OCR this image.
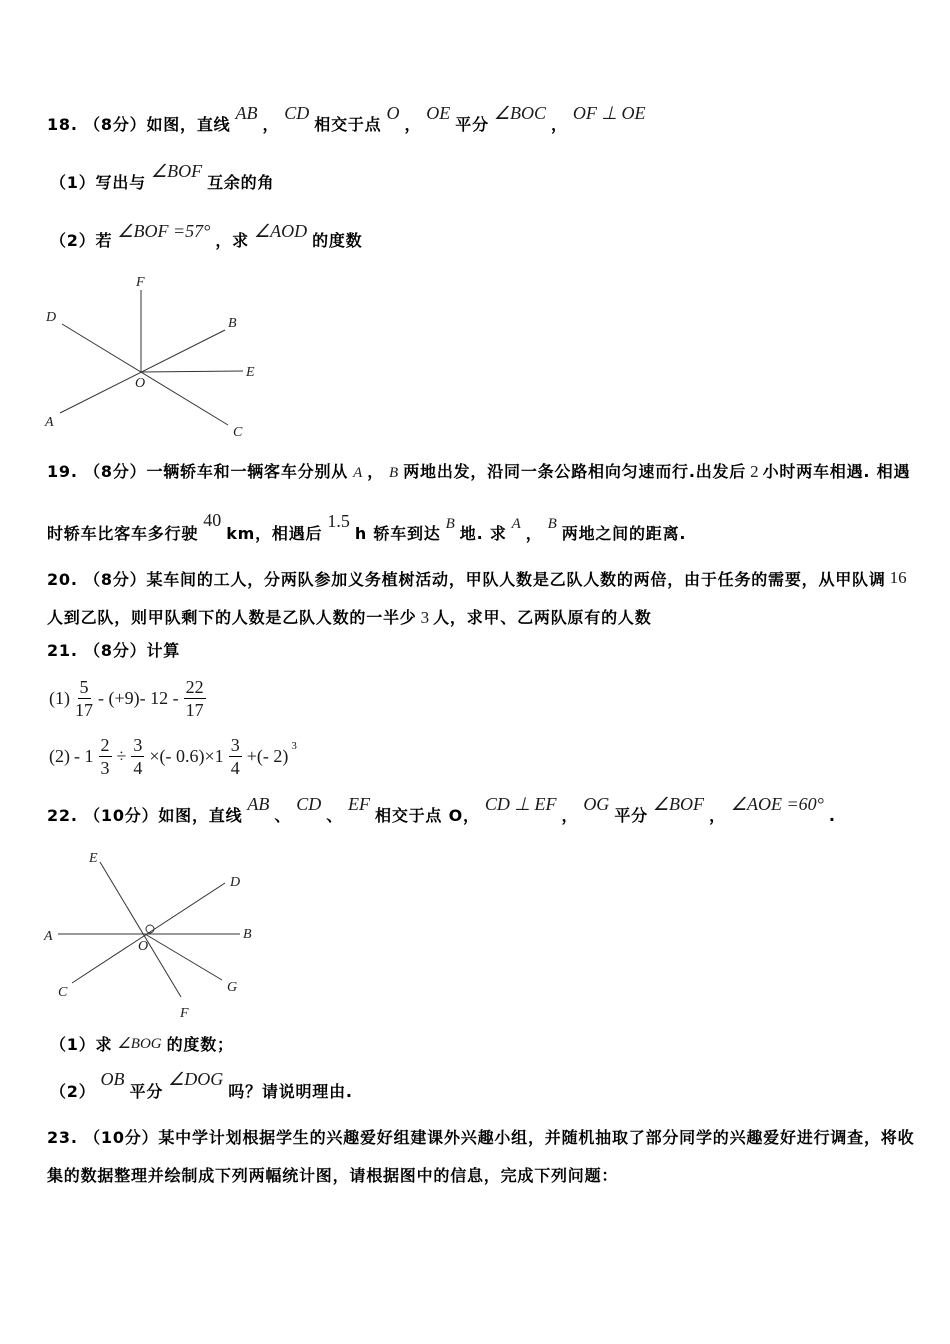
18. （8分）如图，直线AB，CD相交于点O，OE平分∠BOC，OF ⊥ OE
（1）写出与∠BOF互余的角
（2）若 ∠BOF =57° ，求 ∠AOD 的度数
F
D	B
E
O
A
C
19. （8分）一辆轿车和一辆客车分别从 A ， B 两地出发，沿同一条公路相向匀速而行.出发后 2 小时两车相遇. 相遇
时轿车比客车多行驶40km，相遇后1.5h 轿车到达 B 地. 求 A ， B 两地之间的距离.
20. （8分）某车间的工人，分两队参加义务植树活动，甲队人数是乙队人数的两倍，由于任务的需要，从甲队调 16
人到乙队，则甲队剩下的人数是乙队人数的一半少 3 人，求甲、乙两队原有的人数
21. （8分）计算
$(1) \frac{5}{17} - (+9)-$ $12 - \frac{22}{17}$
$(2) - 1 \frac{2}{3} \div \frac{3}{4}$ ×(- $0.6)\times 1 \frac{3}{4}$ +(- 2) 3
22. （10分）如图，直线AB、CD、EF相交于点 O，CD ⊥ EF，OG平分∠BOF，∠AOE =60°.
E
D
A
O
B
C	G
F
（1）求 ∠BOG 的度数；
（2）OB平分∠DOG吗？请说明理由.
23. （10分）某中学计划根据学生的兴趣爱好组建课外兴趣小组，并随机抽取了部分同学的兴趣爱好进行调查，将收
集的数据整理并绘制成下列两幅统计图，请根据图中的信息，完成下列问题：
